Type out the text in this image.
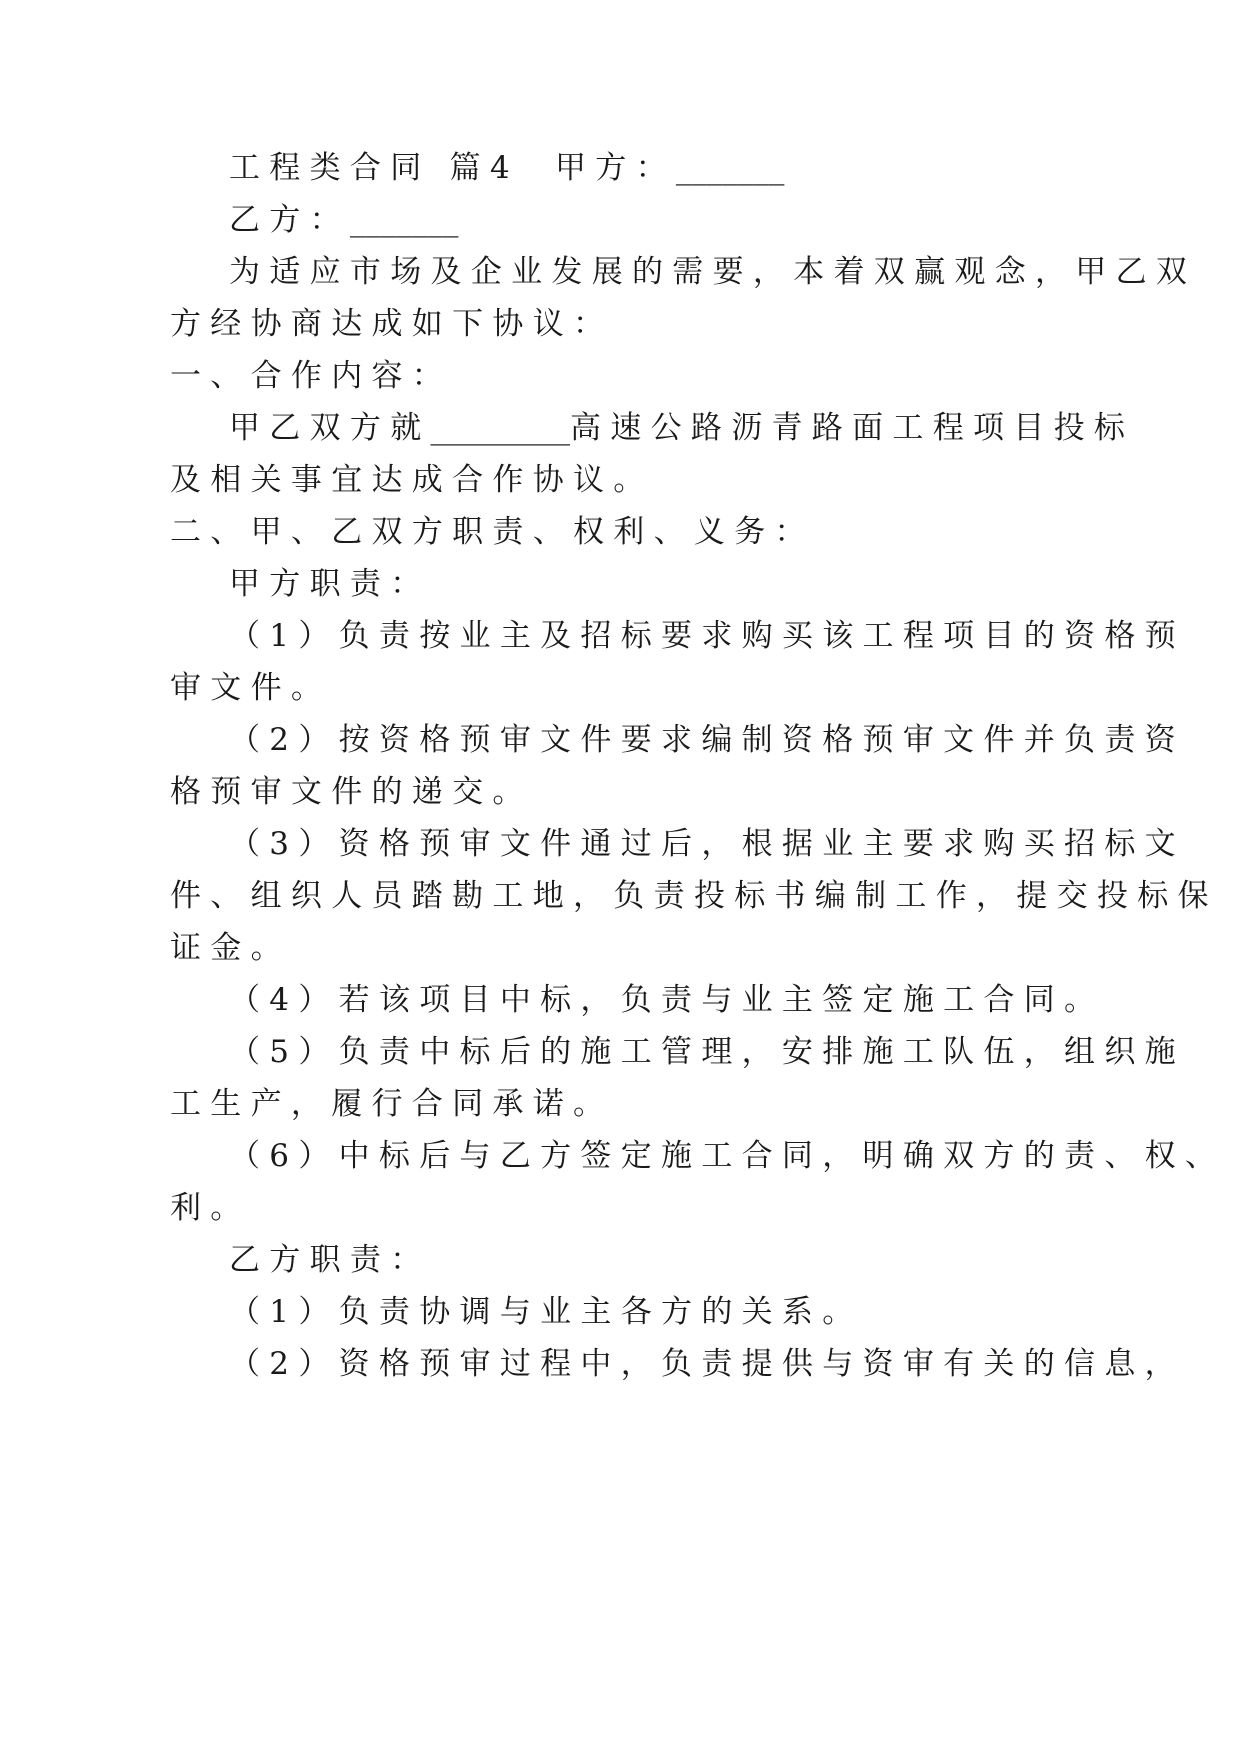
工程类合同 篇4 甲方：_______
乙方：_______
为适应市场及企业发展的需要，本着双赢观念，甲乙双
方经协商达成如下协议：
一、合作内容：
甲乙双方就_________高速公路沥青路面工程项目投标
及相关事宜达成合作协议。
二、甲、乙双方职责、权利、义务：
甲方职责：
（1）负责按业主及招标要求购买该工程项目的资格预
审文件。
（2）按资格预审文件要求编制资格预审文件并负责资
格预审文件的递交。
（3）资格预审文件通过后，根据业主要求购买招标文
件、组织人员踏勘工地，负责投标书编制工作，提交投标保
证金。
（4）若该项目中标，负责与业主签定施工合同。
（5）负责中标后的施工管理，安排施工队伍，组织施
工生产，履行合同承诺。
（6）中标后与乙方签定施工合同，明确双方的责、权、
利。
乙方职责：
（1）负责协调与业主各方的关系。
（2）资格预审过程中，负责提供与资审有关的信息，
